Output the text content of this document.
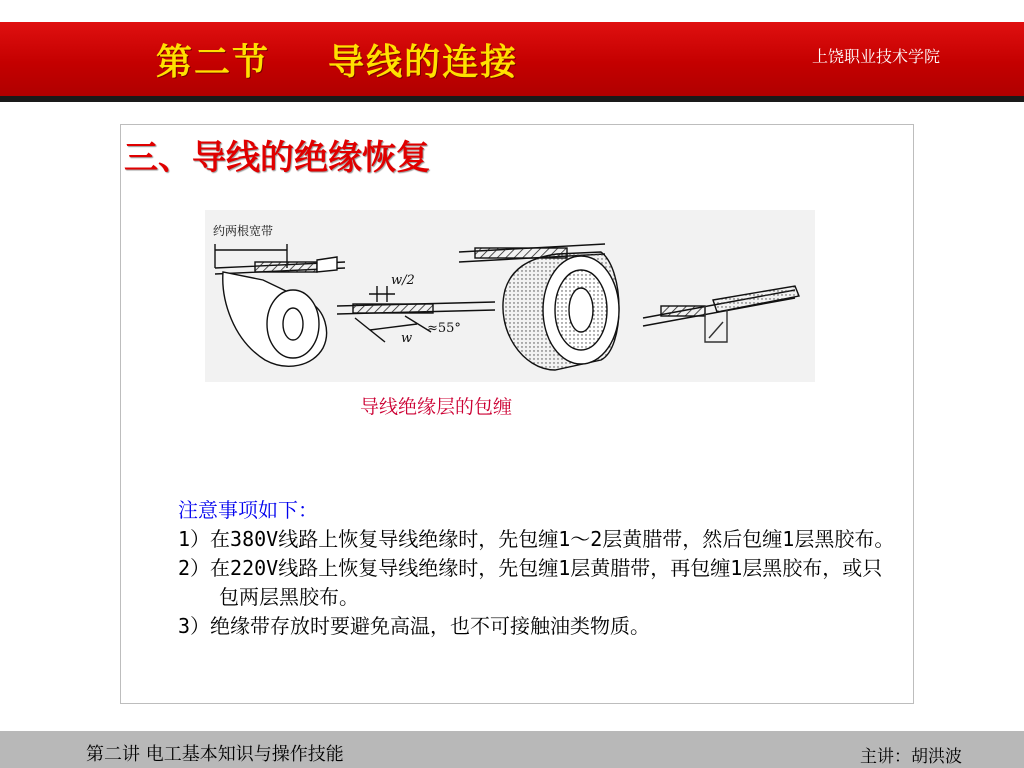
第二节    导线的连接	上饶职业技术学院
三、导线的绝缘恢复
约两根宽带
w/2
w
≈55°
导线绝缘层的包缠
注意事项如下：
1）在380V线路上恢复导线绝缘时，先包缠1～2层黄腊带，然后包缠1层黑胶布。
2）在220V线路上恢复导线绝缘时，先包缠1层黄腊带，再包缠1层黑胶布，或只包两层黑胶布。
3）绝缘带存放时要避免高温，也不可接触油类物质。
第二讲 电工基本知识与操作技能	主讲：胡洪波
